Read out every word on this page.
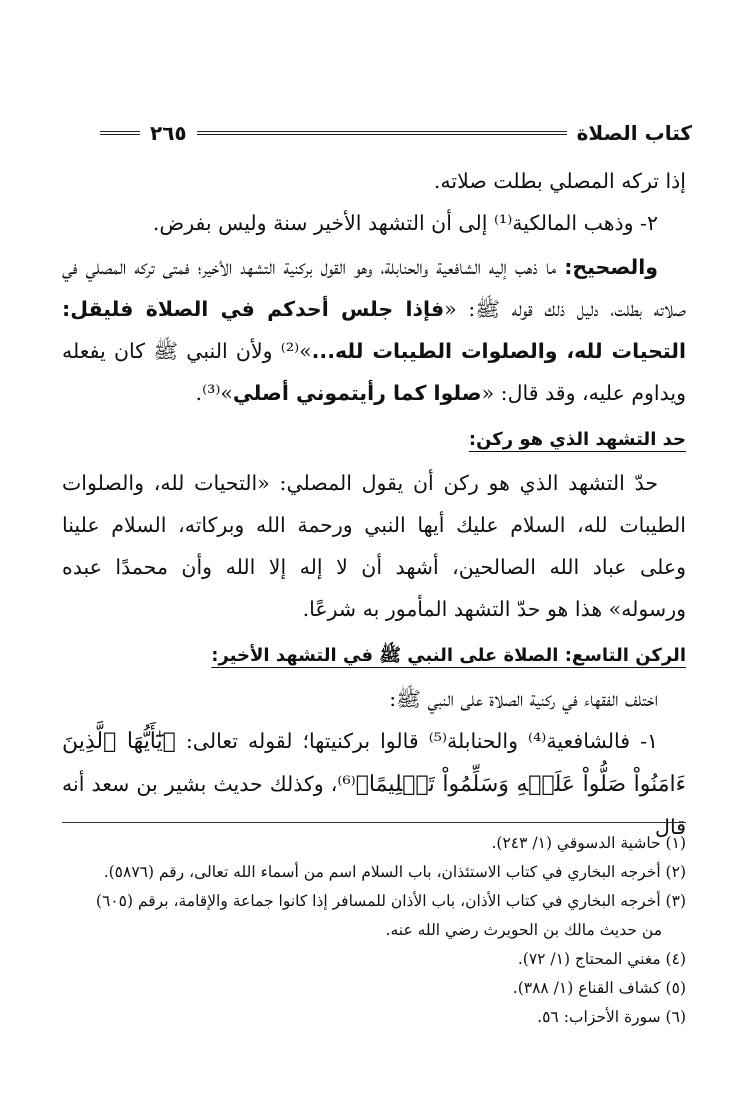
كتاب الصلاة
٢٦٥

إذا تركه المصلي بطلت صلاته.

٢- وذهب المالكية⁽¹⁾ إلى أن التشهد الأخير سنة وليس بفرض.

والصحيح: ما ذهب إليه الشافعية والحنابلة، وهو القول بركنية التشهد الأخير؛ فمتى تركه المصلي في صلاته بطلت، دليل ذلك قوله ﷺ: «فإذا جلس أحدكم في الصلاة فليقل: التحيات لله، والصلوات الطيبات لله...»⁽²⁾ ولأن النبي ﷺ كان يفعله ويداوم عليه، وقد قال: «صلوا كما رأيتموني أصلي»⁽³⁾.

حد التشهد الذي هو ركن:

حدّ التشهد الذي هو ركن أن يقول المصلي: «التحيات لله، والصلوات الطيبات لله، السلام عليك أيها النبي ورحمة الله وبركاته، السلام علينا وعلى عباد الله الصالحين، أشهد أن لا إله إلا الله وأن محمدًا عبده ورسوله» هذا هو حدّ التشهد المأمور به شرعًا.

الركن التاسع: الصلاة على النبي ﷺ في التشهد الأخير:

اختلف الفقهاء في ركنية الصلاة على النبي ﷺ:

١- فالشافعية⁽⁴⁾ والحنابلة⁽⁵⁾ قالوا بركنيتها؛ لقوله تعالى: ﴿يَٰٓأَيُّهَا ٱلَّذِينَ ءَامَنُواْ صَلُّواْ عَلَيۡهِ وَسَلِّمُواْ تَسۡلِيمًا﴾⁽⁶⁾، وكذلك حديث بشير بن سعد أنه قال

(١) حاشية الدسوقي (١/ ٢٤٣).
(٢) أخرجه البخاري في كتاب الاستئذان، باب السلام اسم من أسماء الله تعالى، رقم (٥٨٧٦).
(٣) أخرجه البخاري في كتاب الأذان، باب الأذان للمسافر إذا كانوا جماعة والإقامة، برقم (٦٠٥)
من حديث مالك بن الحويرث رضي الله عنه.
(٤) مغني المحتاج (١/ ٧٢).
(٥) كشاف القناع (١/ ٣٨٨).
(٦) سورة الأحزاب: ٥٦.
